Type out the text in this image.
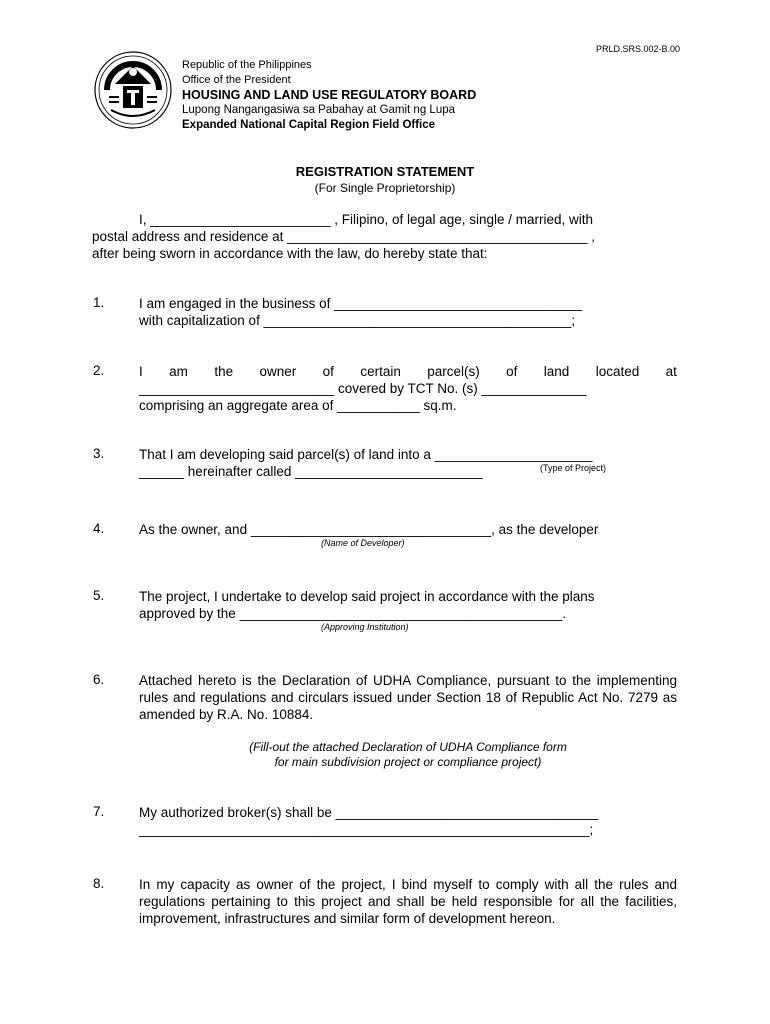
PRLD.SRS.002-B.00
Republic of the Philippines
Office of the President
HOUSING AND LAND USE REGULATORY BOARD
Lupong Nangangasiwa sa Pabahay at Gamit ng Lupa
Expanded National Capital Region Field Office
REGISTRATION STATEMENT
(For Single Proprietorship)
I, ________________________ , Filipino, of legal age, single / married, with
postal address and residence at ________________________________________ ,
after being sworn in accordance with the law, do hereby state that:
1.	I am engaged in the business of _________________________________
with capitalization of _________________________________________;
2.	I am the owner of certain parcel(s) of land located at
__________________________ covered by TCT No. (s) ______________
comprising an aggregate area of ___________ sq.m.
3.	That I am developing said parcel(s) of land into a _____________________
______ hereinafter called _________________________	(Type of Project)
4.	As the owner, and ________________________________, as the developer
(Name of Developer)
5.	The project, I undertake to develop said project in accordance with the plans
approved by the ___________________________________________.
(Approving Institution)
6.	Attached hereto is the Declaration of UDHA Compliance, pursuant to the implementing rules and regulations and circulars issued under Section 18 of Republic Act No. 7279 as amended by R.A. No. 10884.
(Fill-out the attached Declaration of UDHA Compliance form
for main subdivision project or compliance project)
7.	My authorized broker(s) shall be ___________________________________
____________________________________________________________;
8.	In my capacity as owner of the project, I bind myself to comply with all the rules and regulations pertaining to this project and shall be held responsible for all the facilities, improvement, infrastructures and similar form of development hereon.
